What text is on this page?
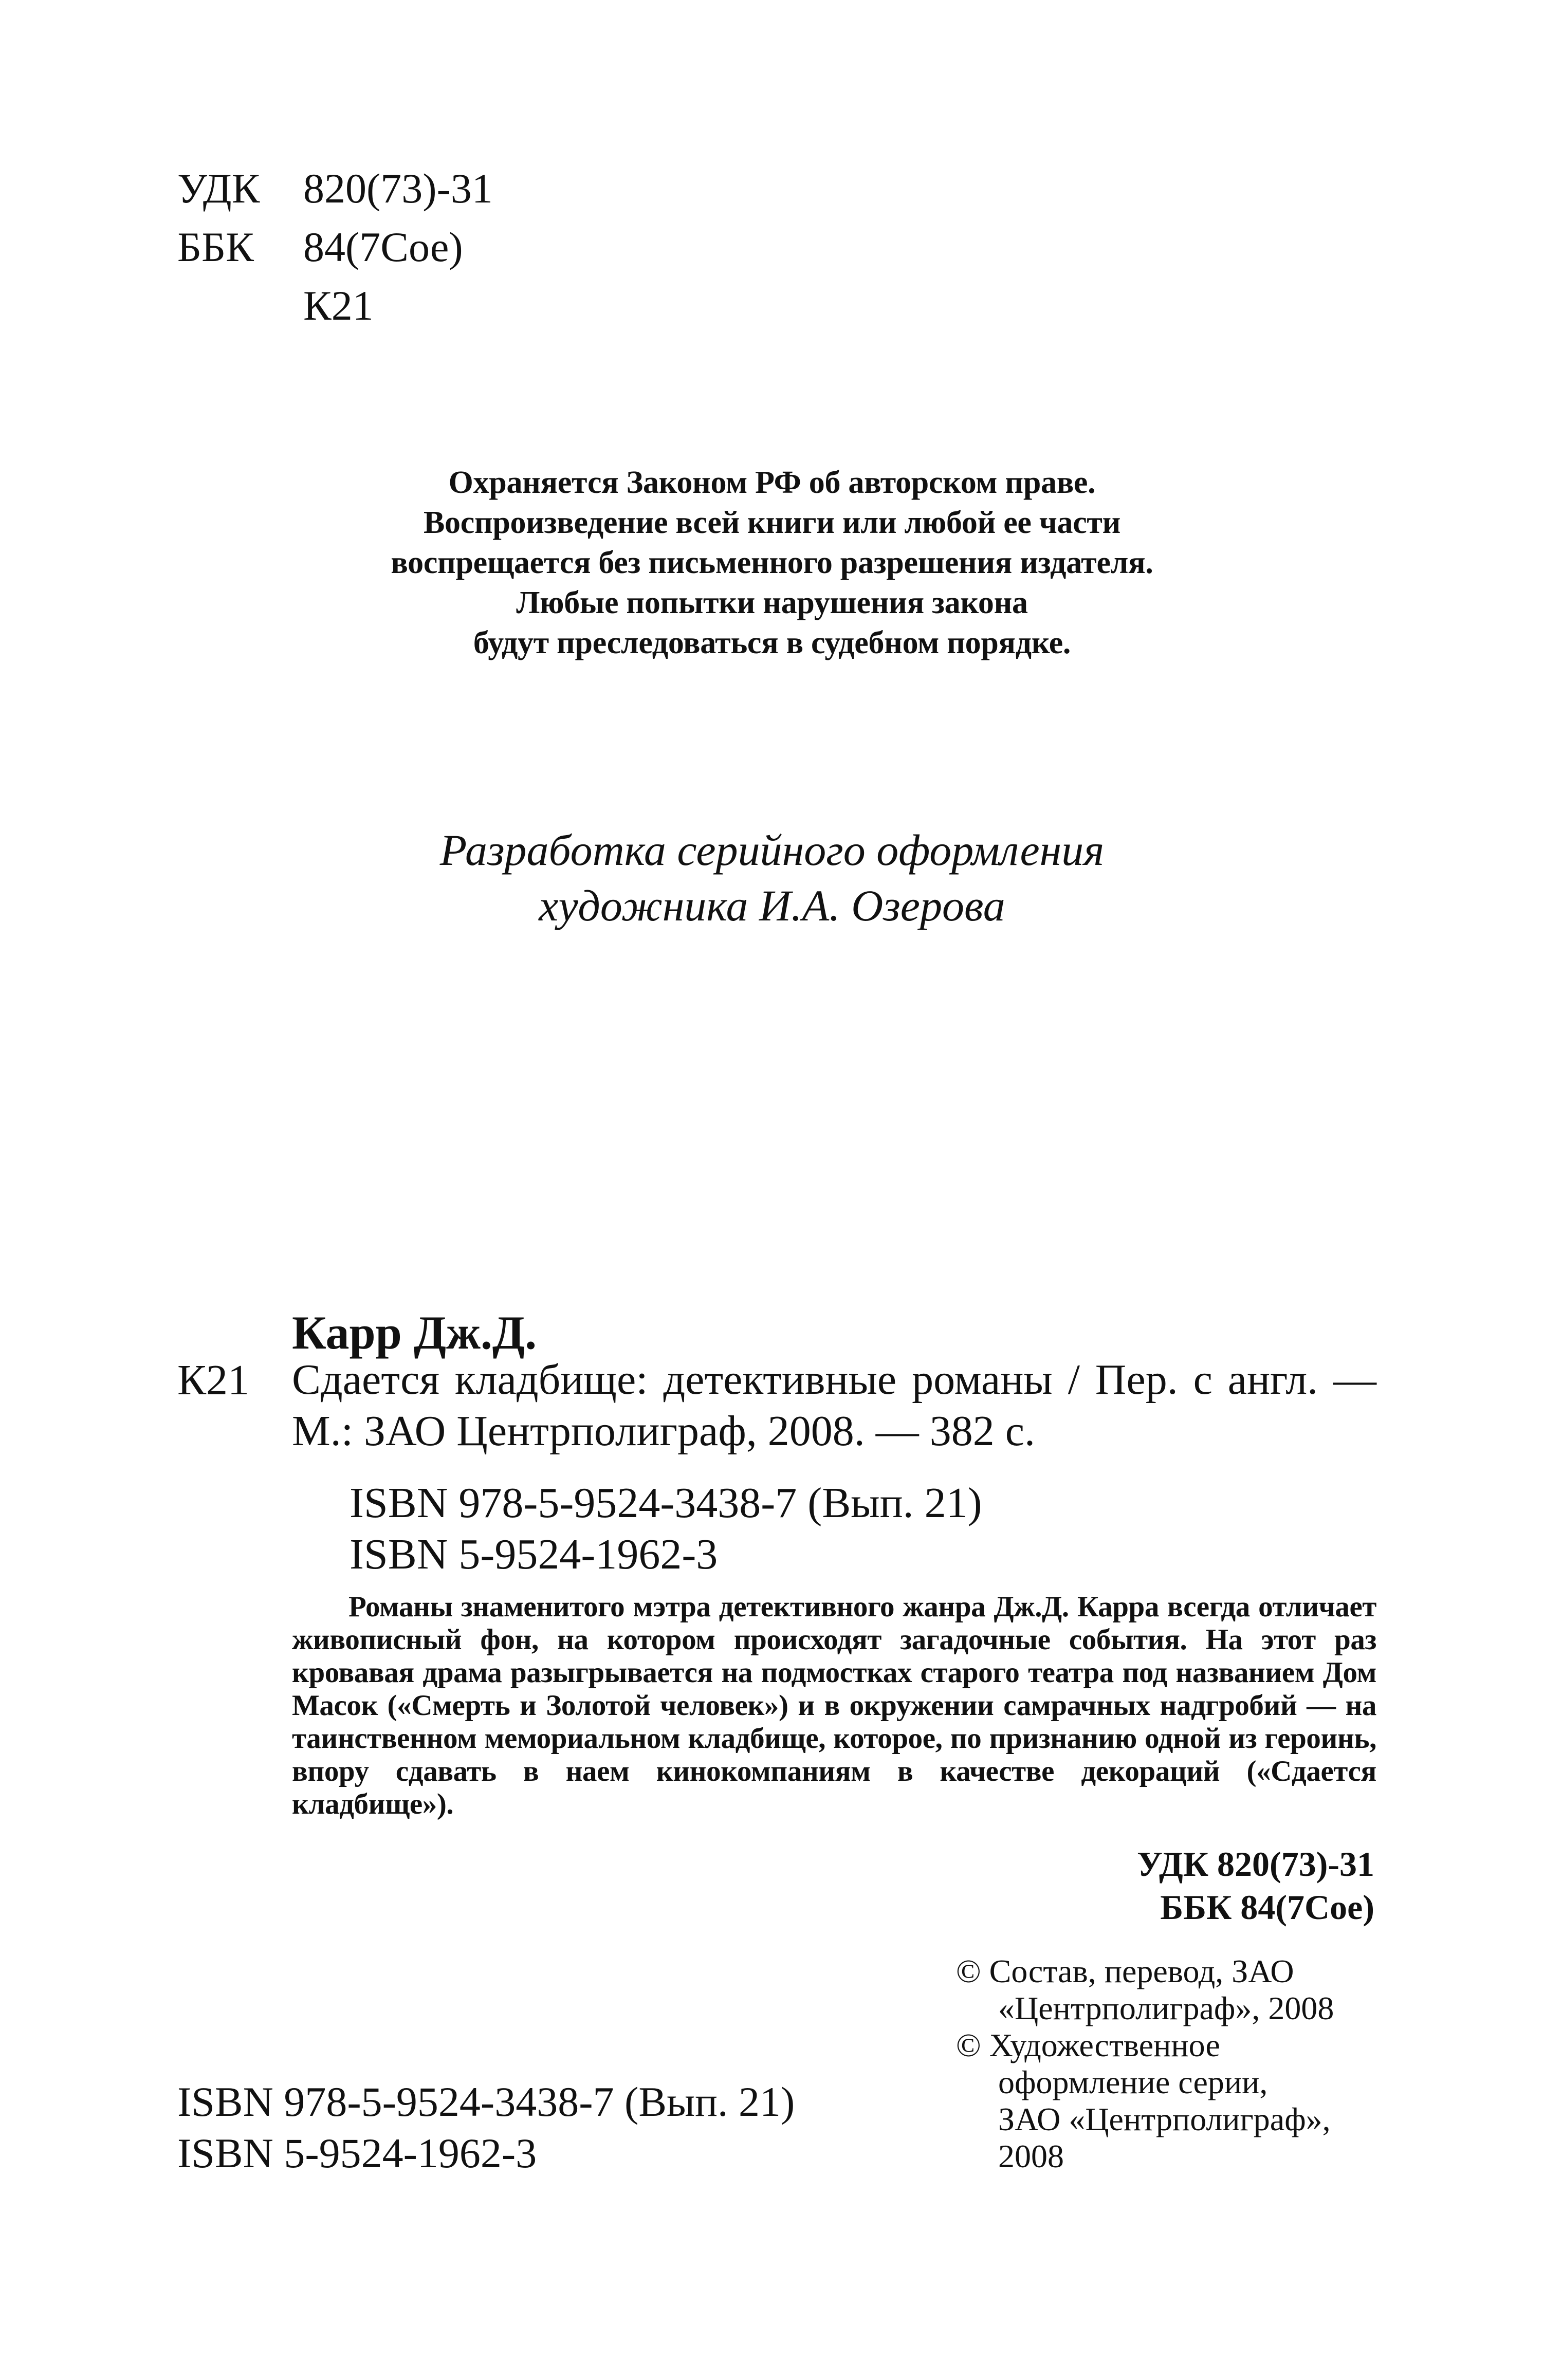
УДК	820(73)-31
ББК	84(7Сое)
К21
Охраняется Законом РФ об авторском праве.
Воспроизведение всей книги или любой ее части
воспрещается без письменного разрешения издателя.
Любые попытки нарушения закона
будут преследоваться в судебном порядке.
Разработка серийного оформления
художника И.А. Озерова
Карр Дж.Д.
К21 Сдается кладбище: детективные романы / Пер. с англ. — М.: ЗАО Центрполиграф, 2008. — 382 с.
ISBN 978-5-9524-3438-7 (Вып. 21)
ISBN 5-9524-1962-3
Романы знаменитого мэтра детективного жанра Дж.Д. Карра всегда отличает живописный фон, на котором происходят загадочные события. На этот раз кровавая драма разыгрывается на подмостках старого театра под названием Дом Масок («Смерть и Золотой человек») и в окружении самрачных надгробий — на таинственном мемориальном кладбище, которое, по признанию одной из героинь, впору сдавать в наем кинокомпаниям в качестве декораций («Сдается кладбище»).
УДК 820(73)-31
ББК 84(7Сое)
© Состав, перевод, ЗАО
«Центрполиграф», 2008
© Художественное
оформление серии,
ЗАО «Центрполиграф»,
2008
ISBN 978-5-9524-3438-7 (Вып. 21)
ISBN 5-9524-1962-3
